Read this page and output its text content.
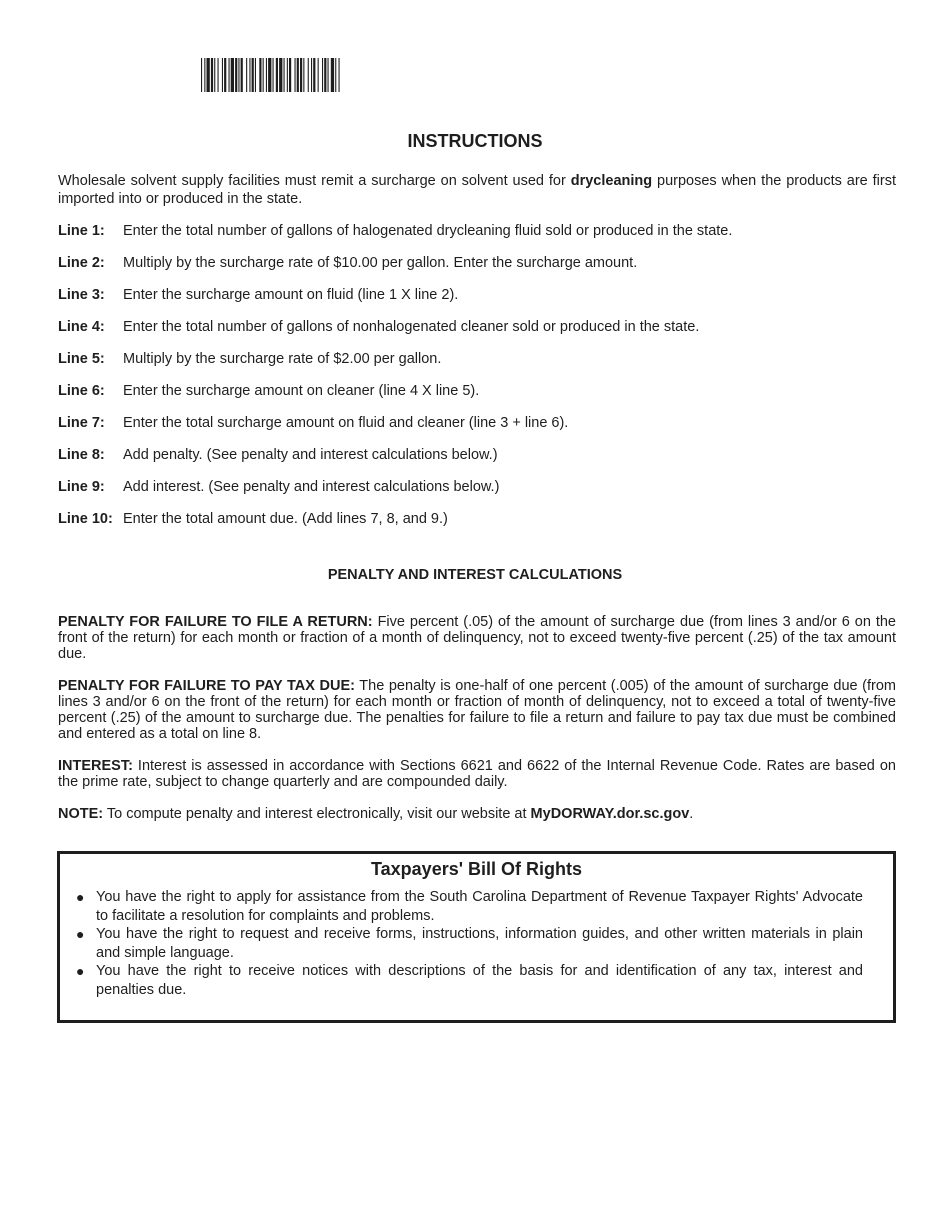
INSTRUCTIONS

Wholesale solvent supply facilities must remit a surcharge on solvent used for drycleaning purposes when the products are first imported into or produced in the state.

Line 1:	Enter the total number of gallons of halogenated drycleaning fluid sold or produced in the state.
Line 2:	Multiply by the surcharge rate of $10.00 per gallon. Enter the surcharge amount.
Line 3:	Enter the surcharge amount on fluid (line 1 X line 2).
Line 4:	Enter the total number of gallons of nonhalogenated cleaner sold or produced in the state.
Line 5:	Multiply by the surcharge rate of $2.00 per gallon.
Line 6:	Enter the surcharge amount on cleaner (line 4 X line 5).
Line 7:	Enter the total surcharge amount on fluid and cleaner (line 3 + line 6).
Line 8:	Add penalty. (See penalty and interest calculations below.)
Line 9:	Add interest. (See penalty and interest calculations below.)
Line 10: Enter the total amount due. (Add lines 7, 8, and 9.)
PENALTY AND INTEREST CALCULATIONS

PENALTY FOR FAILURE TO FILE A RETURN: Five percent (.05) of the amount of surcharge due (from lines 3 and/or 6 on the front of the return) for each month or fraction of a month of delinquency, not to exceed twenty-five percent (.25) of the tax amount due.

PENALTY FOR FAILURE TO PAY TAX DUE: The penalty is one-half of one percent (.005) of the amount of surcharge due (from lines 3 and/or 6 on the front of the return) for each month or fraction of month of delinquency, not to exceed a total of twenty-five percent (.25) of the amount to surcharge due. The penalties for failure to file a return and failure to pay tax due must be combined and entered as a total on line 8.

INTEREST: Interest is assessed in accordance with Sections 6621 and 6622 of the Internal Revenue Code. Rates are based on the prime rate, subject to change quarterly and are compounded daily.

NOTE: To compute penalty and interest electronically, visit our website at MyDORWAY.dor.sc.gov.

Taxpayers' Bill Of Rights
● You have the right to apply for assistance from the South Carolina Department of Revenue Taxpayer Rights' Advocate to facilitate a resolution for complaints and problems.
● You have the right to request and receive forms, instructions, information guides, and other written materials in plain and simple language.
● You have the right to receive notices with descriptions of the basis for and identification of any tax, interest and penalties due.
